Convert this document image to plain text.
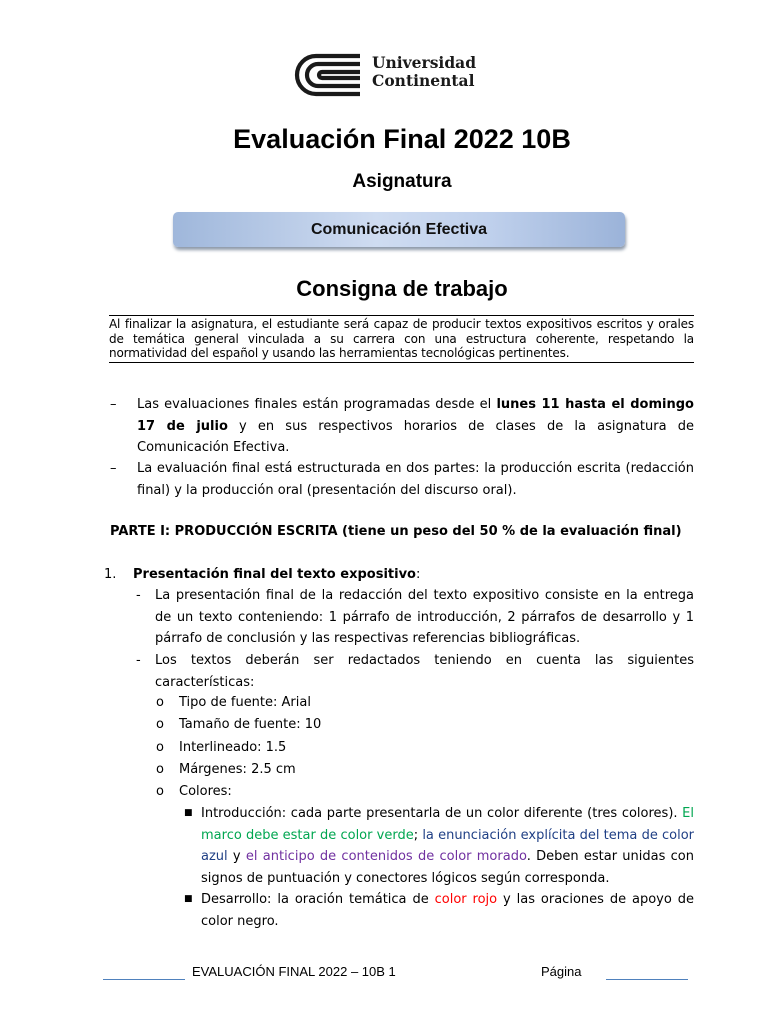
Universidad
Continental
Evaluación Final 2022 10B
Asignatura
Comunicación Efectiva
Consigna de trabajo
Al finalizar la asignatura, el estudiante será capaz de producir textos expositivos escritos y orales de temática general vinculada a su carrera con una estructura coherente, respetando la normatividad del español y usando las herramientas tecnológicas pertinentes.
– Las evaluaciones finales están programadas desde el lunes 11 hasta el domingo 17 de julio y en sus respectivos horarios de clases de la asignatura de Comunicación Efectiva.
– La evaluación final está estructurada en dos partes: la producción escrita (redacción final) y la producción oral (presentación del discurso oral).
PARTE I: PRODUCCIÓN ESCRITA (tiene un peso del 50 % de la evaluación final)
1. Presentación final del texto expositivo:
- La presentación final de la redacción del texto expositivo consiste en la entrega de un texto conteniendo: 1 párrafo de introducción, 2 párrafos de desarrollo y 1 párrafo de conclusión y las respectivas referencias bibliográficas.
- Los textos deberán ser redactados teniendo en cuenta las siguientes características:
o Tipo de fuente: Arial
o Tamaño de fuente: 10
o Interlineado: 1.5
o Márgenes: 2.5 cm
o Colores:
■ Introducción: cada parte presentarla de un color diferente (tres colores). El marco debe estar de color verde; la enunciación explícita del tema de color azul y el anticipo de contenidos de color morado. Deben estar unidas con signos de puntuación y conectores lógicos según corresponda.
■ Desarrollo: la oración temática de color rojo y las oraciones de apoyo de color negro.
EVALUACIÓN FINAL 2022 – 10B 1	Página
